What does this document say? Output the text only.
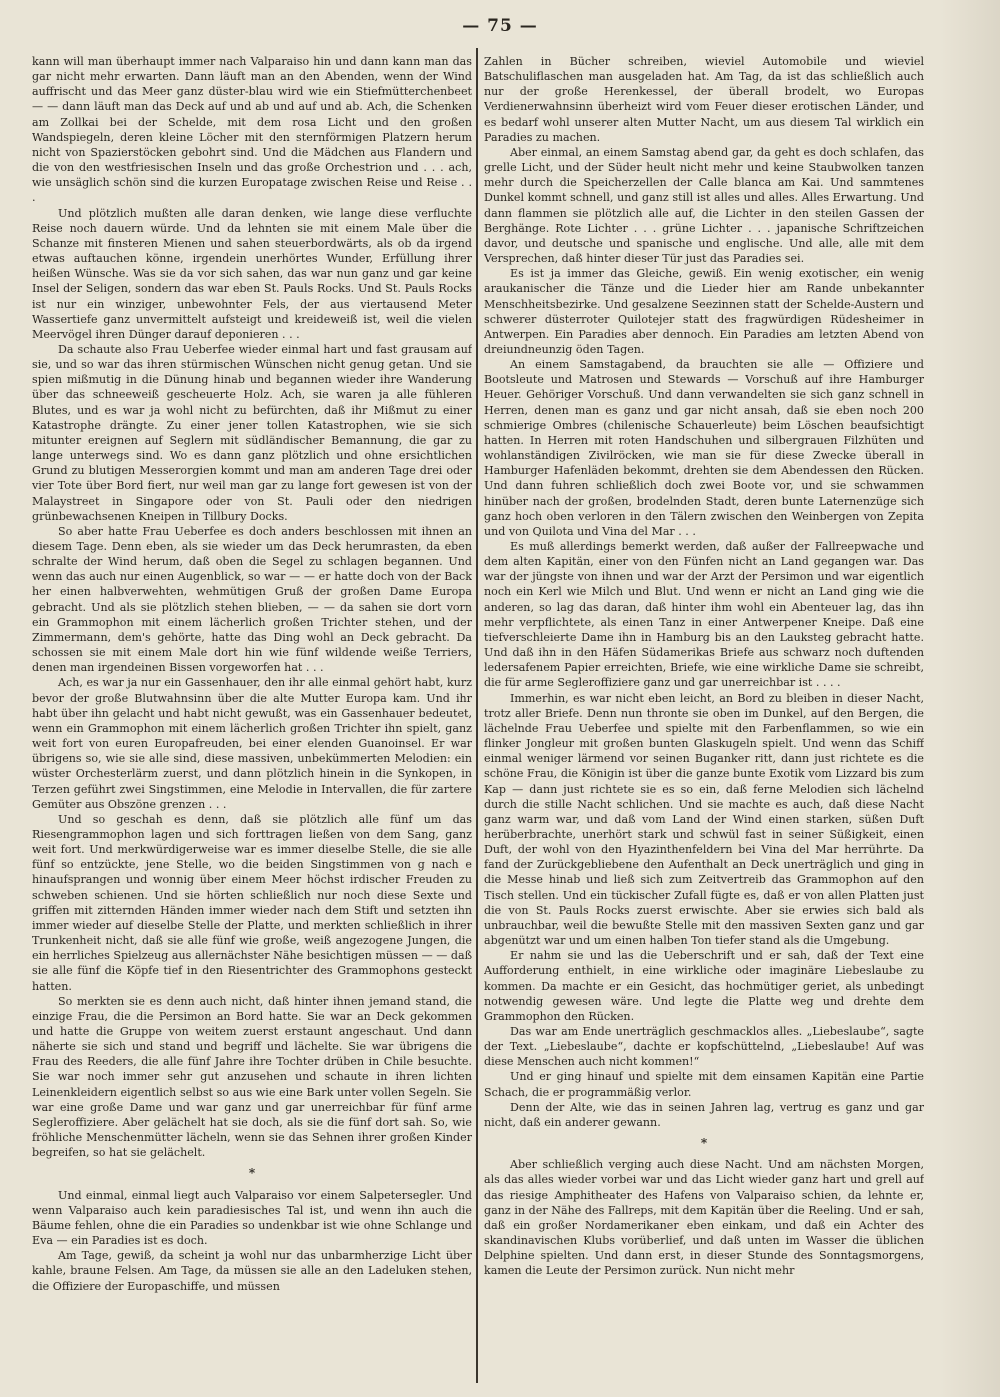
— 75 —

kann will man überhaupt immer nach Valparaiso hin und dann kann man das gar nicht mehr erwarten. Dann läuft man an den Abenden, wenn der Wind auffrischt und das Meer ganz düster-blau wird wie ein Stiefmütterchenbeet — — dann läuft man das Deck auf und ab und auf und ab. Ach, die Schenken am Zollkai bei der Schelde, mit dem rosa Licht und den großen Wandspiegeln, deren kleine Löcher mit den sternförmigen Platzern herum nicht von Spazierstöcken gebohrt sind. Und die Mädchen aus Flandern und die von den westfriesischen Inseln und das große Orchestrion und . . . ach, wie unsäglich schön sind die kurzen Europatage zwischen Reise und Reise . . .

Und plötzlich mußten alle daran denken, wie lange diese verfluchte Reise noch dauern würde. Und da lehnten sie mit einem Male über die Schanze mit finsteren Mienen und sahen steuerbordwärts, als ob da irgend etwas auftauchen könne, irgendein unerhörtes Wunder, Erfüllung ihrer heißen Wünsche. Was sie da vor sich sahen, das war nun ganz und gar keine Insel der Seligen, sondern das war eben St. Pauls Rocks. Und St. Pauls Rocks ist nur ein winziger, unbewohnter Fels, der aus viertausend Meter Wassertiefe ganz unvermittelt aufsteigt und kreideweiß ist, weil die vielen Meervögel ihren Dünger darauf deponieren . . .

Da schaute also Frau Ueberfee wieder einmal hart und fast grausam auf sie, und so war das ihren stürmischen Wünschen nicht genug getan. Und sie spien mißmutig in die Dünung hinab und begannen wieder ihre Wanderung über das schneeweiß gescheuerte Holz. Ach, sie waren ja alle fühleren Blutes, und es war ja wohl nicht zu befürchten, daß ihr Mißmut zu einer Katastrophe drängte. Zu einer jener tollen Katastrophen, wie sie sich mitunter ereignen auf Seglern mit südländischer Bemannung, die gar zu lange unterwegs sind. Wo es dann ganz plötzlich und ohne ersichtlichen Grund zu blutigen Messerorgien kommt und man am anderen Tage drei oder vier Tote über Bord fiert, nur weil man gar zu lange fort gewesen ist von der Malaystreet in Singapore oder von St. Pauli oder den niedrigen grünbewachsenen Kneipen in Tillbury Docks.

So aber hatte Frau Ueberfee es doch anders beschlossen mit ihnen an diesem Tage. Denn eben, als sie wieder um das Deck herumrasten, da eben schralte der Wind herum, daß oben die Segel zu schlagen begannen. Und wenn das auch nur einen Augenblick, so war — — er hatte doch von der Back her einen halbverwehten, wehmütigen Gruß der großen Dame Europa gebracht. Und als sie plötzlich stehen blieben, — — da sahen sie dort vorn ein Grammophon mit einem lächerlich großen Trichter stehen, und der Zimmermann, dem's gehörte, hatte das Ding wohl an Deck gebracht. Da schossen sie mit einem Male dort hin wie fünf wildende weiße Terriers, denen man irgendeinen Bissen vorgeworfen hat . . .

Ach, es war ja nur ein Gassenhauer, den ihr alle einmal gehört habt, kurz bevor der große Blutwahnsinn über die alte Mutter Europa kam. Und ihr habt über ihn gelacht und habt nicht gewußt, was ein Gassenhauer bedeutet, wenn ein Grammophon mit einem lächerlich großen Trichter ihn spielt, ganz weit fort von euren Europafreuden, bei einer elenden Guanoinsel. Er war übrigens so, wie sie alle sind, diese massiven, unbekümmerten Melodien: ein wüster Orchesterlärm zuerst, und dann plötzlich hinein in die Synkopen, in Terzen geführt zwei Singstimmen, eine Melodie in Intervallen, die für zartere Gemüter aus Obszöne grenzen . . .

Und so geschah es denn, daß sie plötzlich alle fünf um das Riesengrammophon lagen und sich forttragen ließen von dem Sang, ganz weit fort. Und merkwürdigerweise war es immer dieselbe Stelle, die sie alle fünf so entzückte, jene Stelle, wo die beiden Singstimmen von g nach e hinaufsprangen und wonnig über einem Meer höchst irdischer Freuden zu schweben schienen. Und sie hörten schließlich nur noch diese Sexte und griffen mit zitternden Händen immer wieder nach dem Stift und setzten ihn immer wieder auf dieselbe Stelle der Platte, und merkten schließlich in ihrer Trunkenheit nicht, daß sie alle fünf wie große, weiß angezogene Jungen, die ein herrliches Spielzeug aus allernächster Nähe besichtigen müssen — — daß sie alle fünf die Köpfe tief in den Riesentrichter des Grammophons gesteckt hatten.

So merkten sie es denn auch nicht, daß hinter ihnen jemand stand, die einzige Frau, die die Persimon an Bord hatte. Sie war an Deck gekommen und hatte die Gruppe von weitem zuerst erstaunt angeschaut. Und dann näherte sie sich und stand und begriff und lächelte. Sie war übrigens die Frau des Reeders, die alle fünf Jahre ihre Tochter drüben in Chile besuchte. Sie war noch immer sehr gut anzusehen und schaute in ihren lichten Leinenkleidern eigentlich selbst so aus wie eine Bark unter vollen Segeln. Sie war eine große Dame und war ganz und gar unerreichbar für fünf arme Segleroffiziere. Aber gelächelt hat sie doch, als sie die fünf dort sah. So, wie fröhliche Menschenmütter lächeln, wenn sie das Sehnen ihrer großen Kinder begreifen, so hat sie gelächelt.

*

Und einmal, einmal liegt auch Valparaiso vor einem Salpetersegler. Und wenn Valparaiso auch kein paradiesisches Tal ist, und wenn ihn auch die Bäume fehlen, ohne die ein Paradies so undenkbar ist wie ohne Schlange und Eva — ein Paradies ist es doch.

Am Tage, gewiß, da scheint ja wohl nur das unbarmherzige Licht über kahle, braune Felsen. Am Tage, da müssen sie alle an den Ladeluken stehen, die Offiziere der Europaschiffe, und müssen

Zahlen in Bücher schreiben, wieviel Automobile und wieviel Batschuliflaschen man ausgeladen hat. Am Tag, da ist das schließlich auch nur der große Herenkessel, der überall brodelt, wo Europas Verdienerwahnsinn überheizt wird vom Feuer dieser erotischen Länder, und es bedarf wohl unserer alten Mutter Nacht, um aus diesem Tal wirklich ein Paradies zu machen.

Aber einmal, an einem Samstag abend gar, da geht es doch schlafen, das grelle Licht, und der Süder heult nicht mehr und keine Staubwolken tanzen mehr durch die Speicherzellen der Calle blanca am Kai. Und sammtenes Dunkel kommt schnell, und ganz still ist alles und alles. Alles Erwartung. Und dann flammen sie plötzlich alle auf, die Lichter in den steilen Gassen der Berghänge. Rote Lichter . . . grüne Lichter . . . japanische Schriftzeichen davor, und deutsche und spanische und englische. Und alle, alle mit dem Versprechen, daß hinter dieser Tür just das Paradies sei.

Es ist ja immer das Gleiche, gewiß. Ein wenig exotischer, ein wenig araukanischer die Tänze und die Lieder hier am Rande unbekannter Menschheitsbezirke. Und gesalzene Seezinnen statt der Schelde-Austern und schwerer düsterroter Quilotejer statt des fragwürdigen Rüdesheimer in Antwerpen. Ein Paradies aber dennoch. Ein Paradies am letzten Abend von dreiundneunzig öden Tagen.

An einem Samstagabend, da brauchten sie alle — Offiziere und Bootsleute und Matrosen und Stewards — Vorschuß auf ihre Hamburger Heuer. Gehöriger Vorschuß. Und dann verwandelten sie sich ganz schnell in Herren, denen man es ganz und gar nicht ansah, daß sie eben noch 200 schmierige Ombres (chilenische Schauerleute) beim Löschen beaufsichtigt hatten. In Herren mit roten Handschuhen und silbergrauen Filzhüten und wohlanständigen Zivilröcken, wie man sie für diese Zwecke überall in Hamburger Hafenläden bekommt, drehten sie dem Abendessen den Rücken. Und dann fuhren schließlich doch zwei Boote vor, und sie schwammen hinüber nach der großen, brodelnden Stadt, deren bunte Laternenzüge sich ganz hoch oben verloren in den Tälern zwischen den Weinbergen von Zepita und von Quilota und Vina del Mar . . .

Es muß allerdings bemerkt werden, daß außer der Fallreepwache und dem alten Kapitän, einer von den Fünfen nicht an Land gegangen war. Das war der jüngste von ihnen und war der Arzt der Persimon und war eigentlich noch ein Kerl wie Milch und Blut. Und wenn er nicht an Land ging wie die anderen, so lag das daran, daß hinter ihm wohl ein Abenteuer lag, das ihn mehr verpflichtete, als einen Tanz in einer Antwerpener Kneipe. Daß eine tiefverschleierte Dame ihn in Hamburg bis an den Lauksteg gebracht hatte. Und daß ihn in den Häfen Südamerikas Briefe aus schwarz noch duftenden ledersafenem Papier erreichten, Briefe, wie eine wirkliche Dame sie schreibt, die für arme Segleroffiziere ganz und gar unerreichbar ist . . . .

Immerhin, es war nicht eben leicht, an Bord zu bleiben in dieser Nacht, trotz aller Briefe. Denn nun thronte sie oben im Dunkel, auf den Bergen, die lächelnde Frau Ueberfee und spielte mit den Farbenflammen, so wie ein flinker Jongleur mit großen bunten Glaskugeln spielt. Und wenn das Schiff einmal weniger lärmend vor seinen Buganker ritt, dann just richtete es die schöne Frau, die Königin ist über die ganze bunte Exotik vom Lizzard bis zum Kap — dann just richtete sie es so ein, daß ferne Melodien sich lächelnd durch die stille Nacht schlichen. Und sie machte es auch, daß diese Nacht ganz warm war, und daß vom Land der Wind einen starken, süßen Duft herüberbrachte, unerhört stark und schwül fast in seiner Süßigkeit, einen Duft, der wohl von den Hyazinthenfeldern bei Vina del Mar herrührte. Da fand der Zurückgebliebene den Aufenthalt an Deck unerträglich und ging in die Messe hinab und ließ sich zum Zeitvertreib das Grammophon auf den Tisch stellen. Und ein tückischer Zufall fügte es, daß er von allen Platten just die von St. Pauls Rocks zuerst erwischte. Aber sie erwies sich bald als unbrauchbar, weil die bewußte Stelle mit den massiven Sexten ganz und gar abgenützt war und um einen halben Ton tiefer stand als die Umgebung.

Er nahm sie und las die Ueberschrift und er sah, daß der Text eine Aufforderung enthielt, in eine wirkliche oder imaginäre Liebeslaube zu kommen. Da machte er ein Gesicht, das hochmütiger geriet, als unbedingt notwendig gewesen wäre. Und legte die Platte weg und drehte dem Grammophon den Rücken.

Das war am Ende unerträglich geschmacklos alles. „Liebeslaube“, sagte der Text. „Liebeslaube“, dachte er kopfschüttelnd, „Liebeslaube! Auf was diese Menschen auch nicht kommen!“

Und er ging hinauf und spielte mit dem einsamen Kapitän eine Partie Schach, die er programmäßig verlor.

Denn der Alte, wie das in seinen Jahren lag, vertrug es ganz und gar nicht, daß ein anderer gewann.

*

Aber schließlich verging auch diese Nacht. Und am nächsten Morgen, als das alles wieder vorbei war und das Licht wieder ganz hart und grell auf das riesige Amphitheater des Hafens von Valparaiso schien, da lehnte er, ganz in der Nähe des Fallreps, mit dem Kapitän über die Reeling. Und er sah, daß ein großer Nordamerikaner eben einkam, und daß ein Achter des skandinavischen Klubs vorüberlief, und daß unten im Wasser die üblichen Delphine spielten. Und dann erst, in dieser Stunde des Sonntagsmorgens, kamen die Leute der Persimon zurück. Nun nicht mehr
